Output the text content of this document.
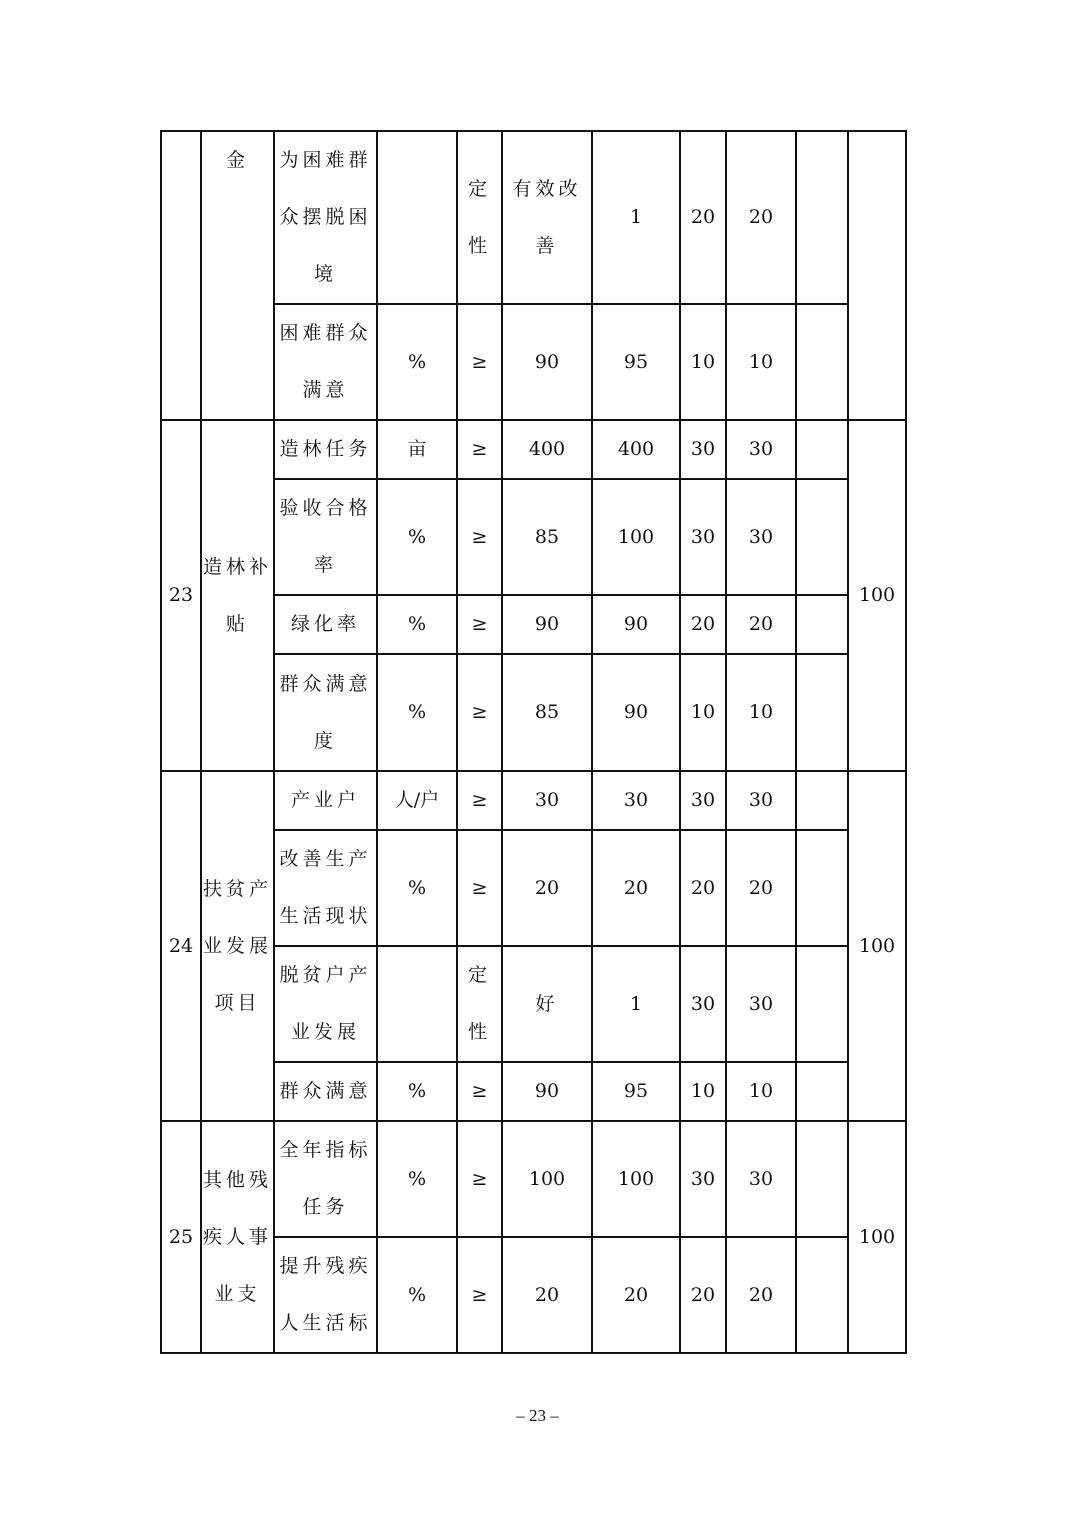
	金	为困难群众摆脱困境		定性	有效改善	1	20	20		
		困难群众满意	%	≥	90	95	10	10		
23	造林补贴	造林任务	亩	≥	400	400	30	30		100
		验收合格率	%	≥	85	100	30	30		
		绿化率	%	≥	90	90	20	20		
		群众满意度	%	≥	85	90	10	10		
24	扶贫产业发展项目	产业户	人/户	≥	30	30	30	30		100
		改善生产生活现状	%	≥	20	20	20	20		
		脱贫户产业发展		定性	好	1	30	30		
		群众满意	%	≥	90	95	10	10		
25	其他残疾人事业支	全年指标任务	%	≥	100	100	30	30		100
		提升残疾人生活标	%	≥	20	20	20	20		
– 23 –
